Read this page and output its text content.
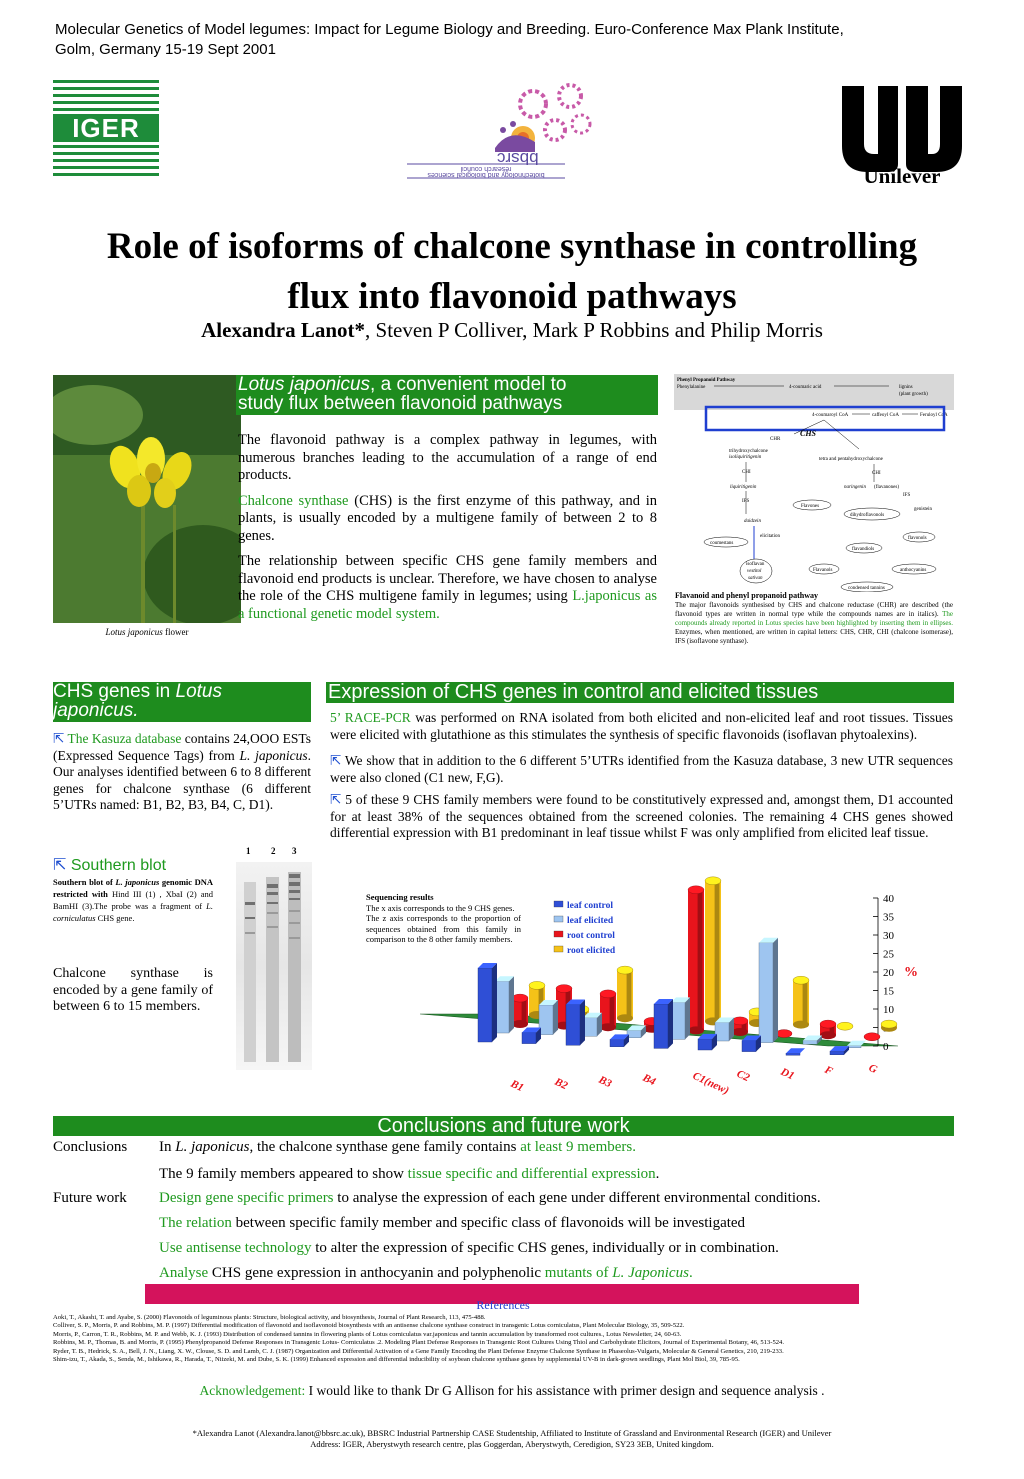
Molecular Genetics of Model legumes: Impact for Legume Biology and Breeding. Euro-Conference Max Plank Institute,
Golm, Germany 15-19 Sept 2001
IGER
bbsrc
biotechnology and biological sciences
research council	Unilever
Role of isoforms of chalcone synthase in controlling
flux into flavonoid pathways
Alexandra Lanot*, Steven P Colliver, Mark P Robbins and Philip Morris
Lotus japonicus flower
Lotus japonicus, a convenient model to
study flux between flavonoid pathways

The flavonoid pathway is a complex pathway in legumes, with numerous branches leading to the accumulation of a range of end products.

Chalcone synthase (CHS) is the first enzyme of this pathway, and in plants, is usually encoded by a multigene family of between 2 to 8 genes.

The relationship between specific CHS gene family members and flavonoid end products is unclear. Therefore, we have chosen to analyse the role of the CHS multigene family in legumes; using L.japonicus as a functional genetic model system.

Phenyl Propanoid Pathway
Phenylalanine	4-coumaric acid	lignins
(plant growth)
4-coumaroyl CoA	caffeoyl CoA	Feruloyl CoA
CHS
CHR
trihydroxychalcone
isoliquiritigenin	tetra and pentahydroxychalcone
CHI	CHI
liquiritigenin	naringenin (flavanones)
IFS
IFS
Flavones
genistein
dihydroflavonols
daidzein
coumestans
elicitation	flavonols
flavandiols
isoflavan
vestitol
sativan
Flavanols	anthocyanins
condensed tannins
Flavanoid and phenyl propanoid pathway
The major flavonoids synthesised by CHS and chalcone reductase (CHR) are described (the flavonoid types are written in normal type while the compounds names are in italics). The compounds already reported in Lotus species have been highlighted by inserting them in ellipses. Enzymes, when mentioned, are written in capital letters: CHS, CHR, CHI (chalcone isomerase), IFS (isoflavone synthase).
CHS genes in Lotus japonicus.
⇱ The Kasuza database contains 24,OOO ESTs (Expressed Sequence Tags) from L. japonicus. Our analyses identified between 6 to 8 different genes for chalcone synthase (6 different 5’UTRs named: B1, B2, B3, B4, C, D1).
⇱ Southern blot
Southern blot of L. japonicus genomic DNA restricted with Hind III (1) , XbaI (2) and BamHI (3).The probe was a fragment of L. corniculatus CHS gene.
1 2 3
Chalcone synthase is encoded by a gene family of between 6 to 15 members.
Expression of CHS genes in control and elicited tissues

5’ RACE-PCR was performed on RNA isolated from both elicited and non-elicited leaf and root tissues. Tissues were elicited with glutathione as this stimulates the synthesis of specific flavonoids (isoflavan phytoalexins).

⇱ We show that in addition to the 6 different 5’UTRs identified from the Kasuza database, 3 new UTR sequences were also cloned (C1 new, F,G).

⇱ 5 of these 9 CHS family members were found to be constitutively expressed and, amongst them, D1 accounted for at least 38% of the sequences obtained from the screened colonies. The remaining 4 CHS genes showed differential expression with B1 predominant in leaf tissue whilst F was only amplified from elicited leaf tissue.

Sequencing results
The x axis corresponds to the 9 CHS genes.
The z axis corresponds to the proportion of sequences obtained from this family in comparison to the 8 other family members.
0
10
15
20
25
30
35
40
%
B1 B2 B3 B4	C1(new) C2 D1 F	G
leaf control
leaf elicited
root control
root elicited
Conclusions and future work
Conclusions In L. japonicus, the chalcone synthase gene family contains at least 9 members.
The 9 family members appeared to show tissue specific and differential expression.
Future work Design gene specific primers to analyse the expression of each gene under different environmental conditions.
The relation between specific family member and specific class of flavonoids will be investigated
Use antisense technology to alter the expression of specific CHS genes, individually or in combination.
Analyse CHS gene expression in anthocyanin and polyphenolic mutants of L. Japonicus.
References
Aoki, T., Akashi, T. and Ayabe, S. (2000) Flavonoids of leguminous plants: Structure, biological activity, and biosynthesis, Journal of Plant Research, 113, 475-488.
Colliver, S. P., Morris, P. and Robbins, M. P. (1997) Differential modification of flavonoid and isoflavonoid biosynthesis with an antisense chalcone synthase construct in transgenic Lotus corniculatus, Plant Molecular Biology, 35, 509-522.
Morris, P., Carron, T. R., Robbins, M. P. and Webb, K. J. (1993) Distribution of condensed tannins in flowering plants of Lotus corniculatus var.japonicus and tannin accumulation by transformed root cultures., Lotus Newsletter, 24, 60-63.
Robbins, M. P., Thomas, B. and Morris, P. (1995) Phenylpropanoid Defense Responses in Transgenic Lotus- Corniculatus .2. Modeling Plant Defense Responses in Transgenic Root Cultures Using Thiol and Carbohydrate Elicitors, Journal of Experimental Botany, 46, 513-524.
Ryder, T. B., Hedrick, S. A., Bell, J. N., Liang, X. W., Clouse, S. D. and Lamb, C. J. (1987) Organization and Differential Activation of a Gene Family Encoding the Plant Defense Enzyme Chalcone Synthase in Phaseolus-Vulgaris, Molecular & General Genetics, 210, 219-233.
Shim-izu, T., Akada, S., Senda, M., Ishikawa, R., Harada, T., Niizeki, M. and Dube, S. K. (1999) Enhanced expression and differential inducibility of soybean chalcone synthase genes by supplemental UV-B in dark-grown seedlings, Plant Mol Biol, 39, 785-95.
Acknowledgement: I would like to thank Dr G Allison for his assistance with primer design and sequence analysis .
*Alexandra Lanot (Alexandra.lanot@bbsrc.ac.uk), BBSRC Industrial Partnership CASE Studentship, Affiliated to Institute of Grassland and Environmental Research (IGER) and Unilever
Address: IGER, Aberystwyth research centre, plas Goggerdan, Aberystwyth, Ceredigion, SY23 3EB, United kingdom.
